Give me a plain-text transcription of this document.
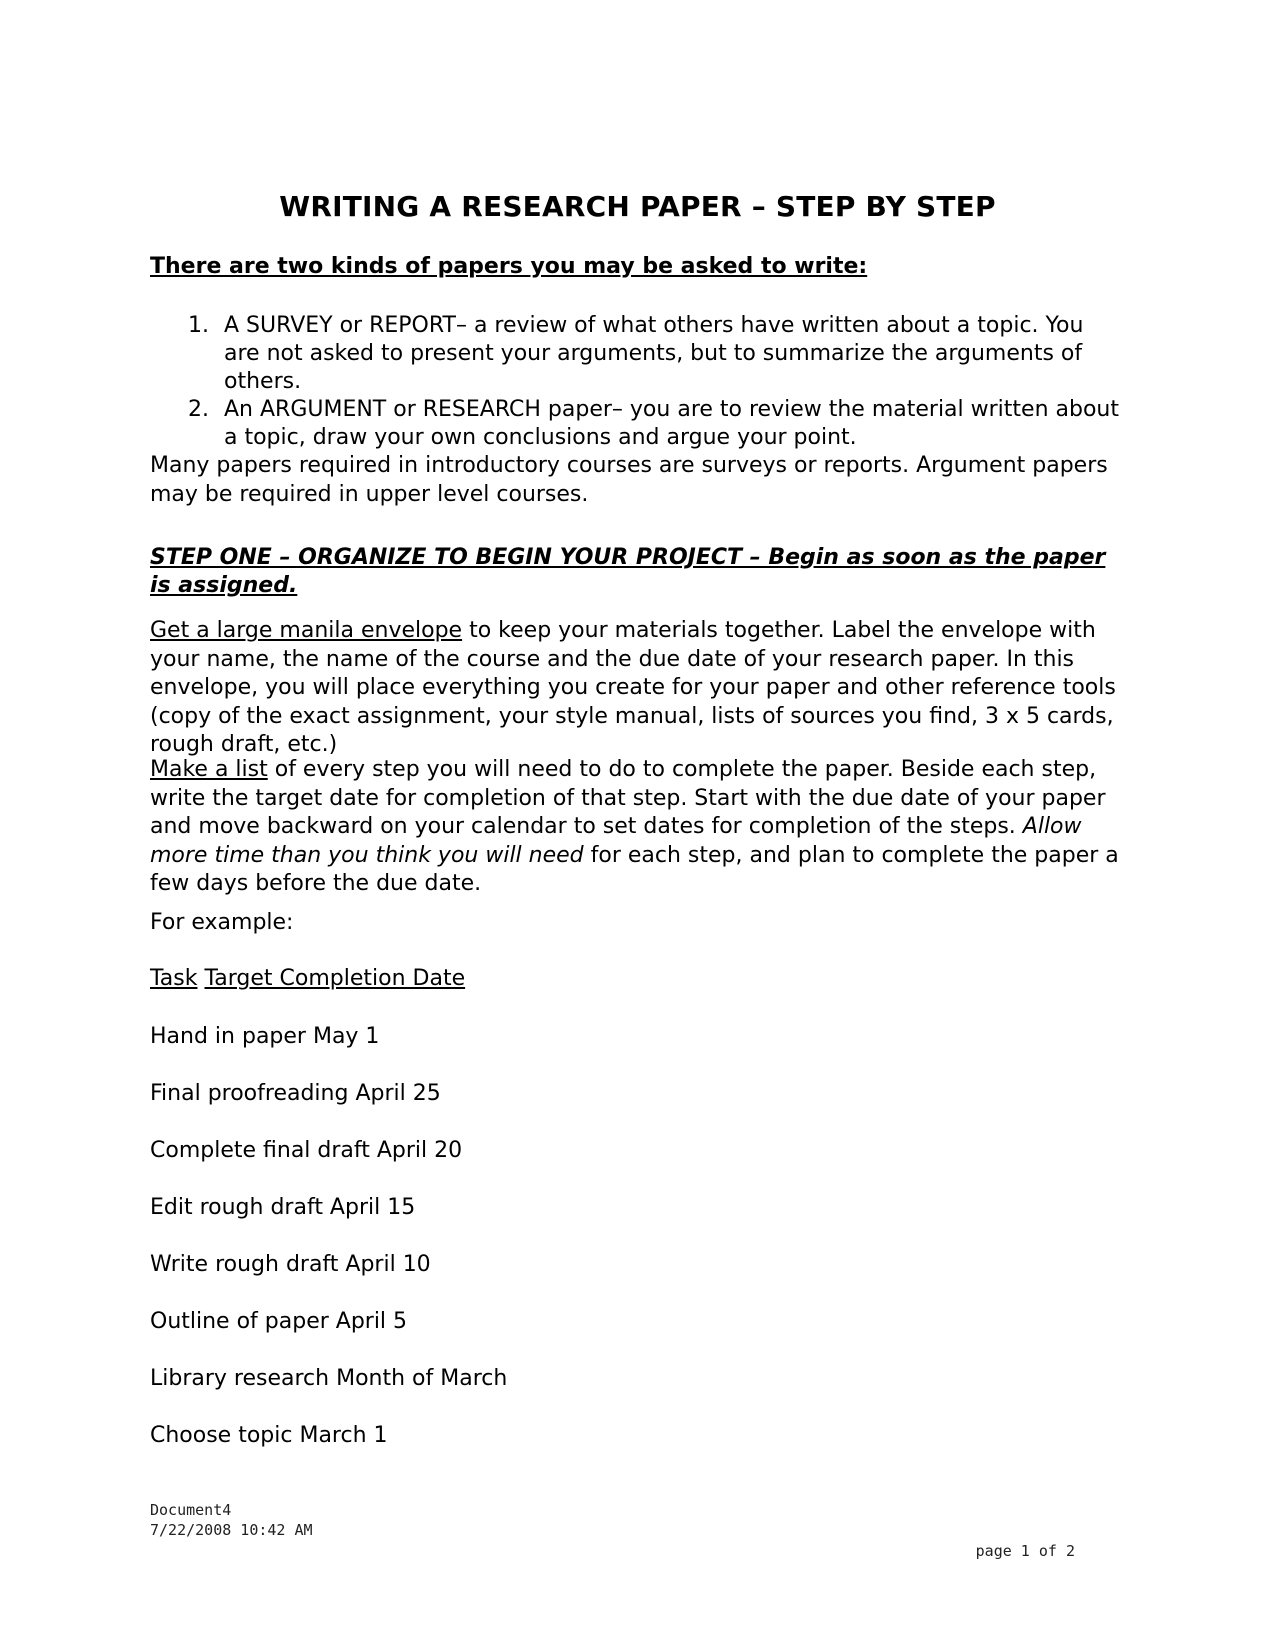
WRITING A RESEARCH PAPER – STEP BY STEP
There are two kinds of papers you may be asked to write:
1. A SURVEY or REPORT– a review of what others have written about a topic. You are not asked to present your arguments, but to summarize the arguments of others.
2. An ARGUMENT or RESEARCH paper– you are to review the material written about a topic, draw your own conclusions and argue your point.

Many papers required in introductory courses are surveys or reports. Argument papers may be required in upper level courses.

STEP ONE – ORGANIZE TO BEGIN YOUR PROJECT – Begin as soon as the paper is assigned.

Get a large manila envelope to keep your materials together. Label the envelope with your name, the name of the course and the due date of your research paper. In this envelope, you will place everything you create for your paper and other reference tools (copy of the exact assignment, your style manual, lists of sources you find, 3 x 5 cards, rough draft, etc.)

Make a list of every step you will need to do to complete the paper. Beside each step, write the target date for completion of that step. Start with the due date of your paper and move backward on your calendar to set dates for completion of the steps. Allow more time than you think you will need for each step, and plan to complete the paper a few days before the due date.

For example:
Task Target Completion Date
Hand in paper May 1
Final proofreading April 25
Complete final draft April 20
Edit rough draft April 15
Write rough draft April 10
Outline of paper April 5
Library research Month of March
Choose topic March 1
Document4
7/22/2008 10:42 AM
page 1 of 2
